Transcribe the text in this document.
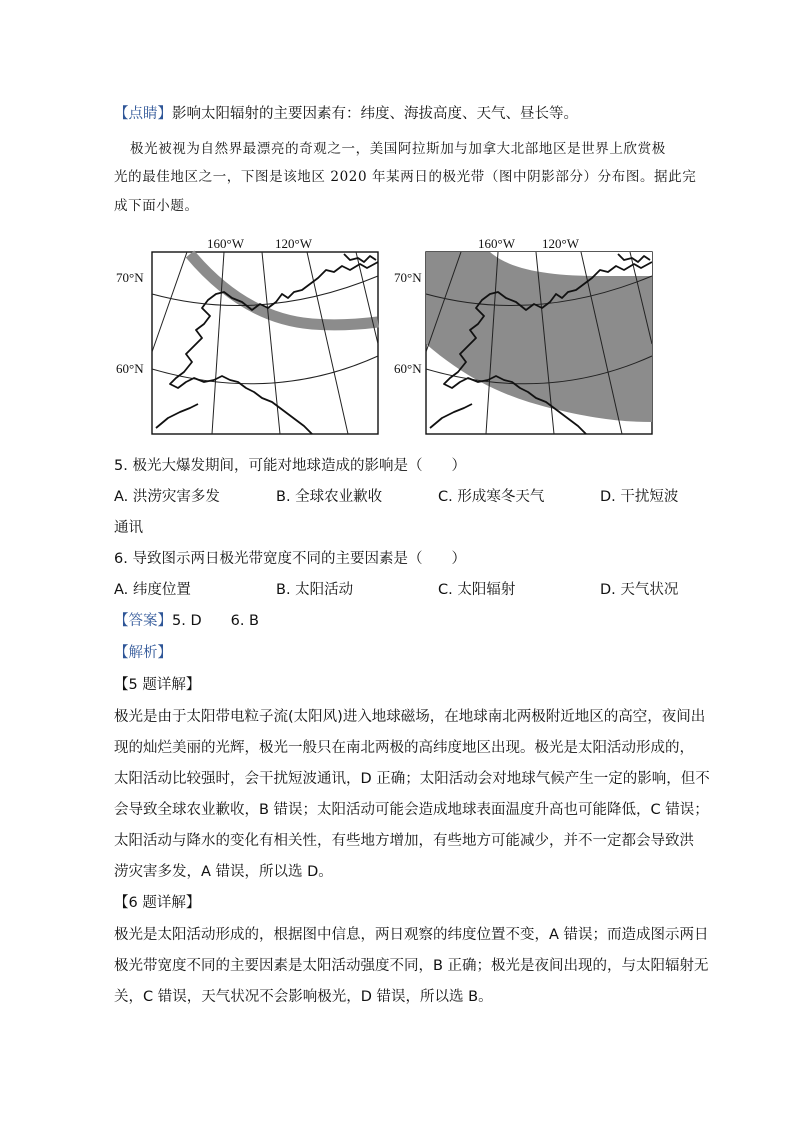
【点睛】影响太阳辐射的主要因素有：纬度、海拔高度、天气、昼长等。
极光被视为自然界最漂亮的奇观之一，美国阿拉斯加与加拿大北部地区是世界上欣赏极
光的最佳地区之一，下图是该地区 2020 年某两日的极光带（图中阴影部分）分布图。据此完
成下面小题。
160°W 120°W
70°N
60°N
160°W 120°W
70°N
60°N
5. 极光大爆发期间，可能对地球造成的影响是（　　）
A. 洪涝灾害多发	B. 全球农业歉收	C. 形成寒冬天气	D. 干扰短波
通讯
6. 导致图示两日极光带宽度不同的主要因素是（　　）
A. 纬度位置	B. 太阳活动	C. 太阳辐射	D. 天气状况
【答案】5. D　　6. B
【解析】
【5 题详解】
极光是由于太阳带电粒子流(太阳风)进入地球磁场，在地球南北两极附近地区的高空，夜间出
现的灿烂美丽的光辉，极光一般只在南北两极的高纬度地区出现。极光是太阳活动形成的，
太阳活动比较强时，会干扰短波通讯，D 正确；太阳活动会对地球气候产生一定的影响，但不
会导致全球农业歉收，B 错误；太阳活动可能会造成地球表面温度升高也可能降低，C 错误；
太阳活动与降水的变化有相关性，有些地方增加，有些地方可能减少，并不一定都会导致洪
涝灾害多发，A 错误，所以选 D。
【6 题详解】
极光是太阳活动形成的，根据图中信息，两日观察的纬度位置不变，A 错误；而造成图示两日
极光带宽度不同的主要因素是太阳活动强度不同，B 正确；极光是夜间出现的，与太阳辐射无
关，C 错误，天气状况不会影响极光，D 错误，所以选 B。
